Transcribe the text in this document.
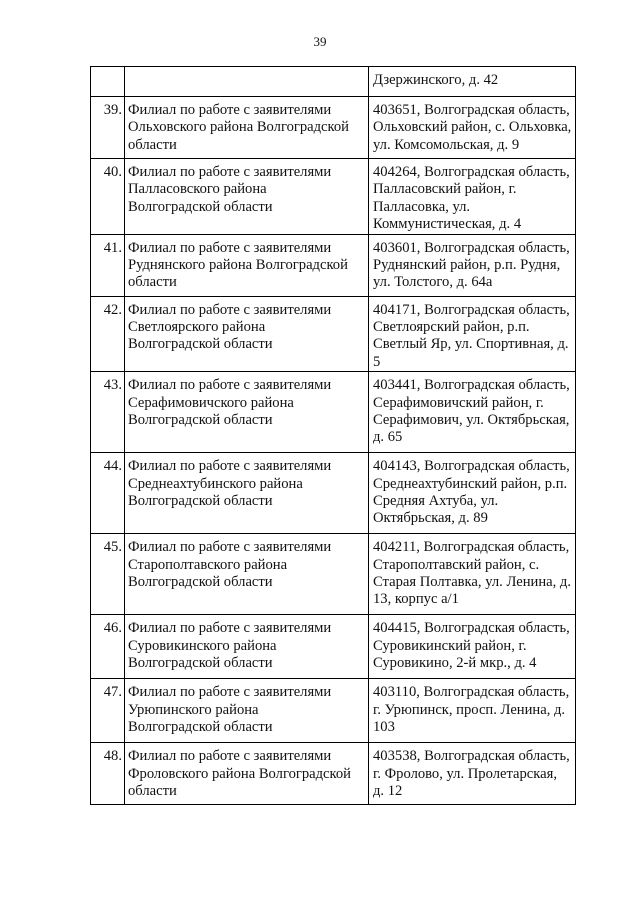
39

		Дзержинского, д. 42

39.	Филиал по работе с заявителями
Ольховского района Волгоградской
области	403651, Волгоградская область,
Ольховский район, с. Ольховка,
ул. Комсомольская, д. 9

40.	Филиал по работе с заявителями
Палласовского района
Волгоградской области	404264, Волгоградская область,
Палласовский район, г.
Палласовка, ул.
Коммунистическая, д. 4

41.	Филиал по работе с заявителями
Руднянского района Волгоградской
области	403601, Волгоградская область,
Руднянский район, р.п. Рудня,
ул. Толстого, д. 64а

42.	Филиал по работе с заявителями
Светлоярского района
Волгоградской области	404171, Волгоградская область,
Светлоярский район, р.п.
Светлый Яр, ул. Спортивная, д.
5

43.	Филиал по работе с заявителями
Серафимовичского района
Волгоградской области	403441, Волгоградская область,
Серафимовичский район, г.
Серафимович, ул. Октябрьская,
д. 65

44.	Филиал по работе с заявителями
Среднеахтубинского района
Волгоградской области	404143, Волгоградская область,
Среднеахтубинский район, р.п.
Средняя Ахтуба, ул.
Октябрьская, д. 89

45.	Филиал по работе с заявителями
Старополтавского района
Волгоградской области	404211, Волгоградская область,
Старополтавский район, с.
Старая Полтавка, ул. Ленина, д.
13, корпус а/1

46.	Филиал по работе с заявителями
Суровикинского района
Волгоградской области	404415, Волгоградская область,
Суровикинский район, г.
Суровикино, 2-й мкр., д. 4

47.	Филиал по работе с заявителями
Урюпинского района
Волгоградской области	403110, Волгоградская область,
г. Урюпинск, просп. Ленина, д.
103

48.	Филиал по работе с заявителями
Фроловского района Волгоградской
области	403538, Волгоградская область,
г. Фролово, ул. Пролетарская,
д. 12
